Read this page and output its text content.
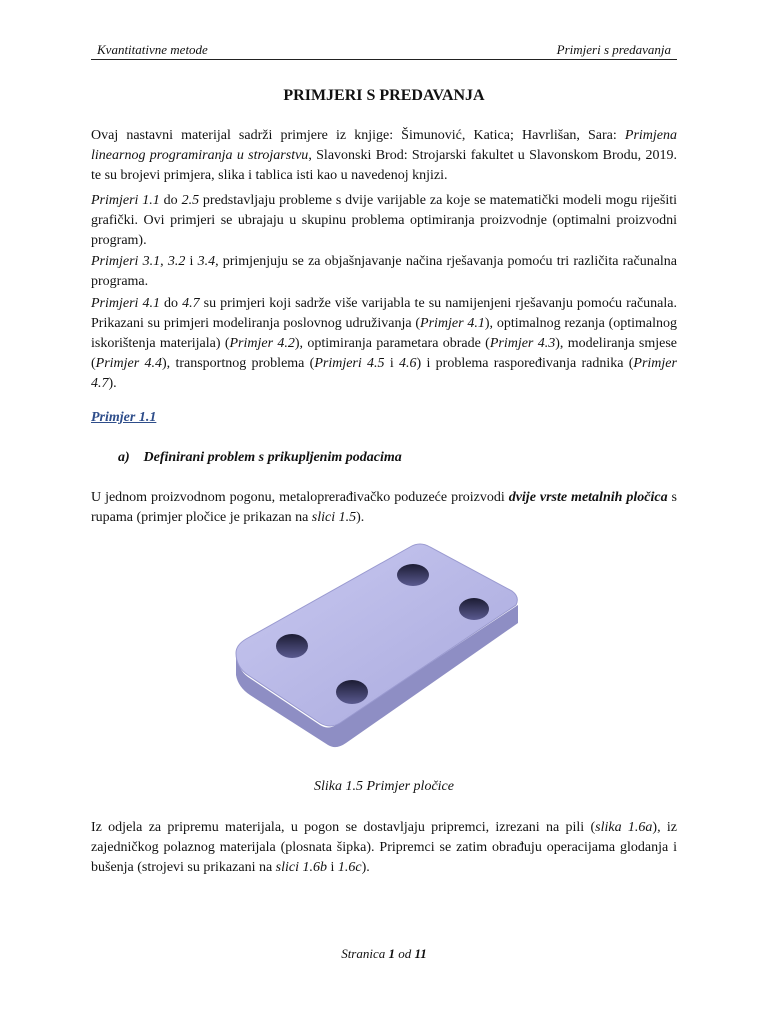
Kvantitativne metode	Primjeri s predavanja
PRIMJERI S PREDAVANJA

Ovaj nastavni materijal sadrži primjere iz knjige: Šimunović, Katica; Havrlišan, Sara: Primjena linearnog programiranja u strojarstvu, Slavonski Brod: Strojarski fakultet u Slavonskom Brodu, 2019. te su brojevi primjera, slika i tablica isti kao u navedenoj knjizi.

Primjeri 1.1 do 2.5 predstavljaju probleme s dvije varijable za koje se matematički modeli mogu riješiti grafički. Ovi primjeri se ubrajaju u skupinu problema optimiranja proizvodnje (optimalni proizvodni program).

Primjeri 3.1, 3.2 i 3.4, primjenjuju se za objašnjavanje načina rješavanja pomoću tri različita računalna programa.

Primjeri 4.1 do 4.7 su primjeri koji sadrže više varijabla te su namijenjeni rješavanju pomoću računala. Prikazani su primjeri modeliranja poslovnog udruživanja (Primjer 4.1), optimalnog rezanja (optimalnog iskorištenja materijala) (Primjer 4.2), optimiranja parametara obrade (Primjer 4.3), modeliranja smjese (Primjer 4.4), transportnog problema (Primjeri 4.5 i 4.6) i problema raspoređivanja radnika (Primjer 4.7).

Primjer 1.1
a) Definirani problem s prikupljenim podacima

U jednom proizvodnom pogonu, metaloprerađivačko poduzeće proizvodi dvije vrste metalnih pločica s rupama (primjer pločice je prikazan na slici 1.5).

Slika 1.5 Primjer pločice

Iz odjela za pripremu materijala, u pogon se dostavljaju pripremci, izrezani na pili (slika 1.6a), iz zajedničkog polaznog materijala (plosnata šipka). Pripremci se zatim obrađuju operacijama glodanja i bušenja (strojevi su prikazani na slici 1.6b i 1.6c).

Stranica 1 od 11
